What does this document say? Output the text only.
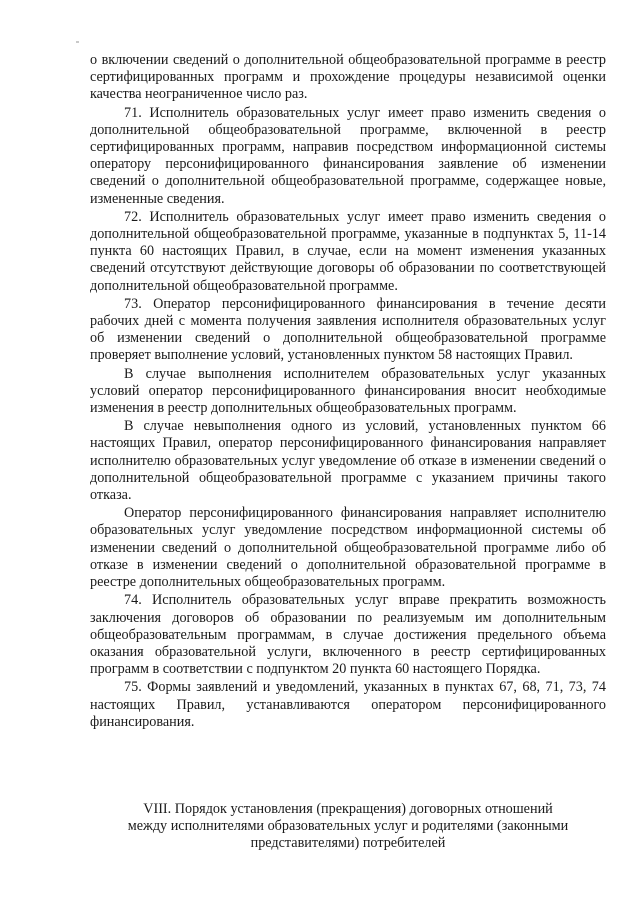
о включении сведений о дополнительной общеобразовательной программе в реестр сертифицированных программ и прохождение процедуры независимой оценки качества неограниченное число раз.

71. Исполнитель образовательных услуг имеет право изменить сведения о дополнительной общеобразовательной программе, включенной в реестр сертифицированных программ, направив посредством информационной системы оператору персонифицированного финансирования заявление об изменении сведений о дополнительной общеобразовательной программе, содержащее новые, измененные сведения.

72. Исполнитель образовательных услуг имеет право изменить сведения о дополнительной общеобразовательной программе, указанные в подпунктах 5, 11-14 пункта 60 настоящих Правил, в случае, если на момент изменения указанных сведений отсутствуют действующие договоры об образовании по соответствующей дополнительной общеобразовательной программе.

73. Оператор персонифицированного финансирования в течение десяти рабочих дней с момента получения заявления исполнителя образовательных услуг об изменении сведений о дополнительной общеобразовательной программе проверяет выполнение условий, установленных пунктом 58 настоящих Правил.

В случае выполнения исполнителем образовательных услуг указанных условий оператор персонифицированного финансирования вносит необходимые изменения в реестр дополнительных общеобразовательных программ.

В случае невыполнения одного из условий, установленных пунктом 66 настоящих Правил, оператор персонифицированного финансирования направляет исполнителю образовательных услуг уведомление об отказе в изменении сведений о дополнительной общеобразовательной программе с указанием причины такого отказа.

Оператор персонифицированного финансирования направляет исполнителю образовательных услуг уведомление посредством информационной системы об изменении сведений о дополнительной общеобразовательной программе либо об отказе в изменении сведений о дополнительной образовательной программе в реестре дополнительных общеобразовательных программ.

74. Исполнитель образовательных услуг вправе прекратить возможность заключения договоров об образовании по реализуемым им дополнительным общеобразовательным программам, в случае достижения предельного объема оказания образовательной услуги, включенного в реестр сертифицированных программ в соответствии с подпунктом 20 пункта 60 настоящего Порядка.

75. Формы заявлений и уведомлений, указанных в пунктах 67, 68, 71, 73, 74 настоящих Правил, устанавливаются оператором персонифицированного финансирования.

VIII. Порядок установления (прекращения) договорных отношений
между исполнителями образовательных услуг и родителями (законными
представителями) потребителей
